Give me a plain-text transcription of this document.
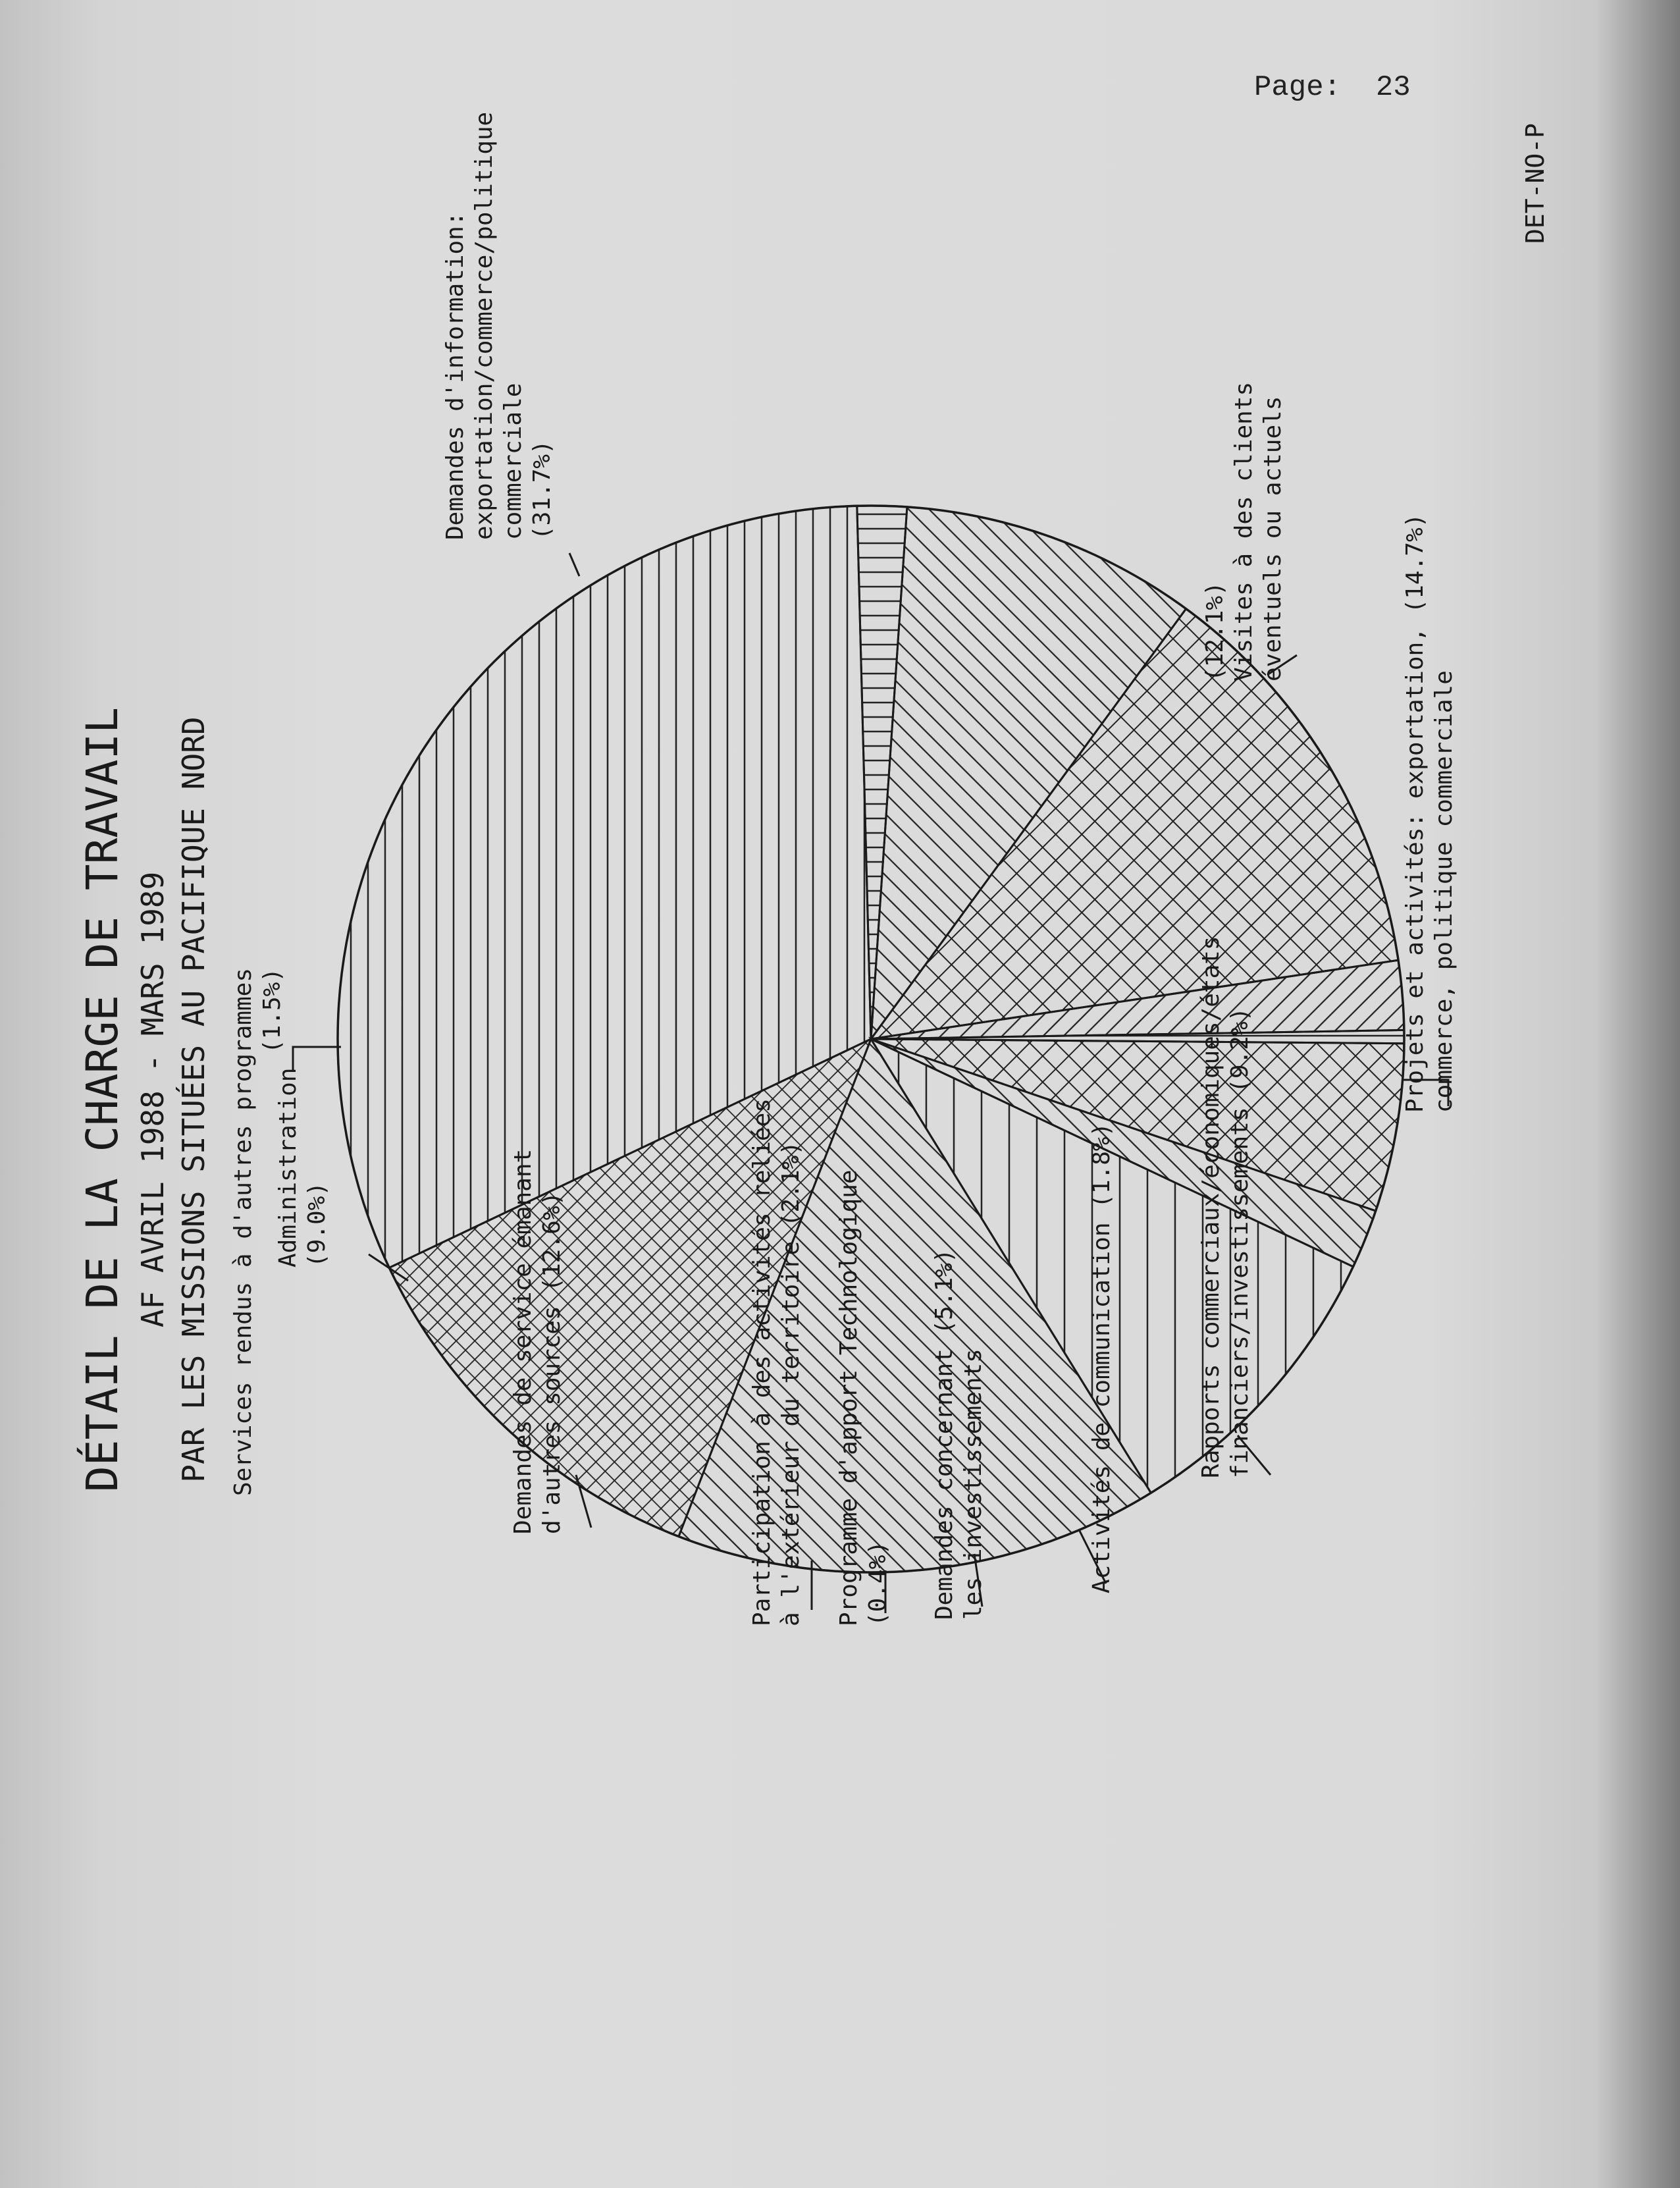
Page: 23
DÉTAIL DE LA CHARGE DE TRAVAIL AF AVRIL 1988 - MARS 1989 PAR LES MISSIONS SITUÉES AU PACIFIQUE NORD
DET-NO-P
Demandes d'information: exportation/commerce/politique commerciale (31.7%)
(12.1%) Visites à des clients éventuels ou actuels	Projets et activités: exportation, (14.7%) commerce, politique commerciale
Rapports commerciaux/économiques/états financiers/investissements (9.2%)
Activités de communication (1.8%)
Demandes concernant (5.1%) les investissements
Programme d'apport Technologique (0.4%)
Participation à des activités reliées à l'extérieur du territoire (2.1%)
Demandes de service émanant d'autres sources (12.6%)
Administration (9.0%)
Services rendus à d'autres programmes (1.5%)
